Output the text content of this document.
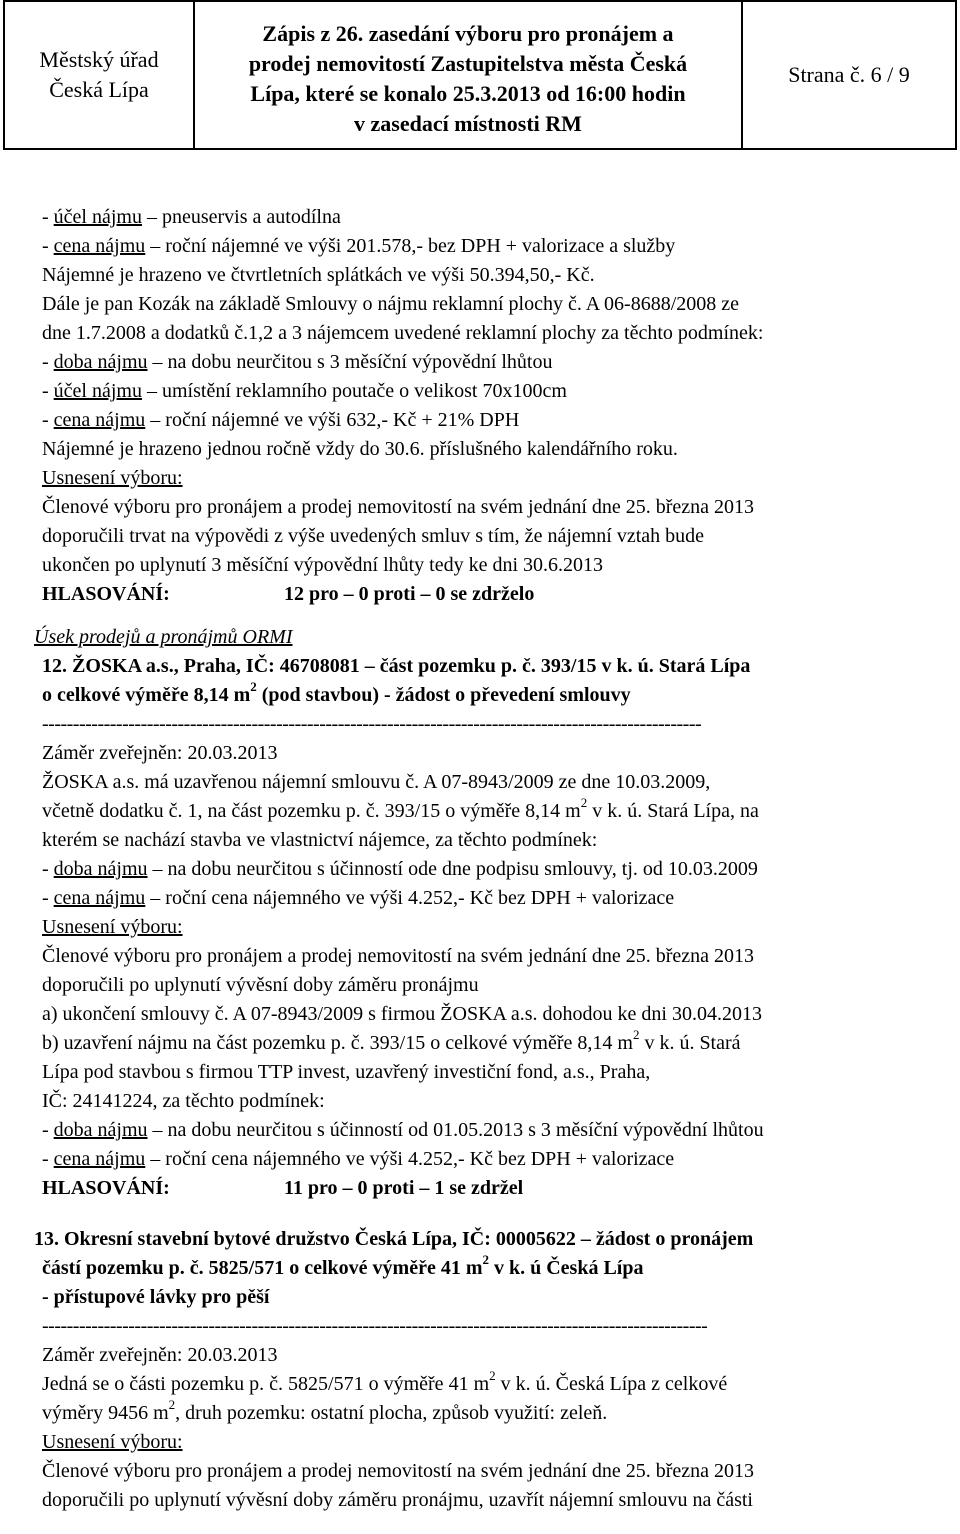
Městský úřad
Česká Lípa
Zápis z 26. zasedání výboru pro pronájem a
prodej nemovitostí Zastupitelstva města Česká
Lípa, které se konalo 25.3.2013 od 16:00 hodin
v zasedací místnosti RM
Strana č. 6 / 9
- účel nájmu – pneuservis a autodílna
- cena nájmu – roční nájemné ve výši 201.578,- bez DPH + valorizace a služby
Nájemné je hrazeno ve čtvrtletních splátkách ve výši 50.394,50,- Kč.
Dále je pan Kozák na základě Smlouvy o nájmu reklamní plochy č. A 06-8688/2008 ze
dne 1.7.2008 a dodatků č.1,2 a 3 nájemcem uvedené reklamní plochy za těchto podmínek:
- doba nájmu – na dobu neurčitou s 3 měsíční výpovědní lhůtou
- účel nájmu – umístění reklamního poutače o velikost 70x100cm
- cena nájmu – roční nájemné ve výši 632,- Kč + 21% DPH
Nájemné je hrazeno jednou ročně vždy do 30.6. příslušného kalendářního roku.
Usnesení výboru:
Členové výboru pro pronájem a prodej nemovitostí na svém jednání dne 25. března 2013
doporučili trvat na výpovědi z výše uvedených smluv s tím, že nájemní vztah bude
ukončen po uplynutí 3 měsíční výpovědní lhůty tedy ke dni 30.6.2013
HLASOVÁNÍ:	12 pro – 0 proti – 0 se zdrželo
Úsek prodejů a pronájmů ORMI
12. ŽOSKA a.s., Praha, IČ: 46708081 – část pozemku p. č. 393/15 v k. ú. Stará Lípa
o celkové výměře 8,14 $m^2$ (pod stavbou) - žádost o převedení smlouvy
-----------------------------------------------------------------------------------------------------------
Záměr zveřejněn: 20.03.2013
ŽOSKA a.s. má uzavřenou nájemní smlouvu č. A 07-8943/2009 ze dne 10.03.2009,
včetně dodatku č. 1, na část pozemku p. č. 393/15 o výměře 8,14 $m^2$ v k. ú. Stará Lípa, na
kterém se nachází stavba ve vlastnictví nájemce, za těchto podmínek:
- doba nájmu – na dobu neurčitou s účinností ode dne podpisu smlouvy, tj. od 10.03.2009
- cena nájmu – roční cena nájemného ve výši 4.252,- Kč bez DPH + valorizace
Usnesení výboru:
Členové výboru pro pronájem a prodej nemovitostí na svém jednání dne 25. března 2013
doporučili po uplynutí vývěsní doby záměru pronájmu
a) ukončení smlouvy č. A 07-8943/2009 s firmou ŽOSKA a.s. dohodou ke dni 30.04.2013
b) uzavření nájmu na část pozemku p. č. 393/15 o celkové výměře 8,14 $m^2$ v k. ú. Stará
Lípa pod stavbou s firmou TTP invest, uzavřený investiční fond, a.s., Praha,
IČ: 24141224, za těchto podmínek:
- doba nájmu – na dobu neurčitou s účinností od 01.05.2013 s 3 měsíční výpovědní lhůtou
- cena nájmu – roční cena nájemného ve výši 4.252,- Kč bez DPH + valorizace
HLASOVÁNÍ:	11 pro – 0 proti – 1 se zdržel
13. Okresní stavební bytové družstvo Česká Lípa, IČ: 00005622 – žádost o pronájem
částí pozemku p. č. 5825/571 o celkové výměře 41 $m^2$ v k. ú Česká Lípa
- přístupové lávky pro pěší
------------------------------------------------------------------------------------------------------------
Záměr zveřejněn: 20.03.2013
Jedná se o části pozemku p. č. 5825/571 o výměře 41 $m^2$ v k. ú. Česká Lípa z celkové
výměry 9456 $m^2$, druh pozemku: ostatní plocha, způsob využití: zeleň.
Usnesení výboru:
Členové výboru pro pronájem a prodej nemovitostí na svém jednání dne 25. března 2013
doporučili po uplynutí vývěsní doby záměru pronájmu, uzavřít nájemní smlouvu na části
